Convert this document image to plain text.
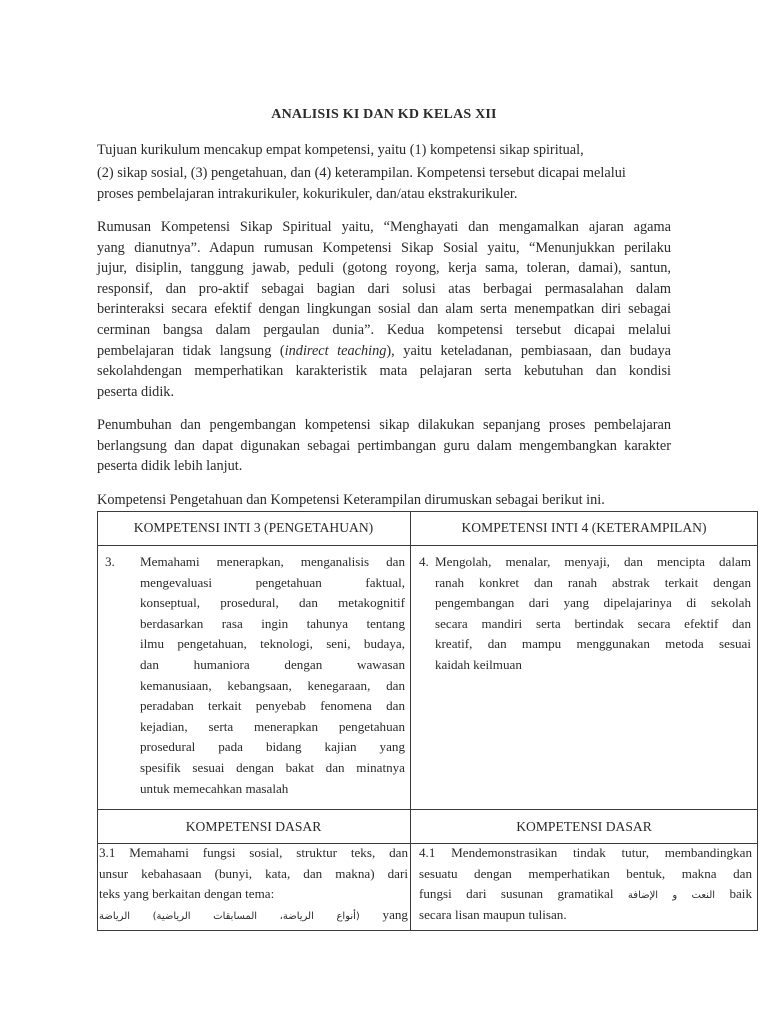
ANALISIS KI DAN KD KELAS XII
Tujuan kurikulum mencakup empat kompetensi, yaitu (1) kompetensi sikap spiritual,
(2) sikap sosial, (3) pengetahuan, dan (4) keterampilan. Kompetensi tersebut dicapai melalui
proses pembelajaran intrakurikuler, kokurikuler, dan/atau ekstrakurikuler.
Rumusan Kompetensi Sikap Spiritual yaitu, “Menghayati dan mengamalkan ajaran agama
yang dianutnya”. Adapun rumusan Kompetensi Sikap Sosial yaitu, “Menunjukkan perilaku
jujur, disiplin, tanggung jawab, peduli (gotong royong, kerja sama, toleran, damai), santun,
responsif, dan pro-aktif sebagai bagian dari solusi atas berbagai permasalahan dalam
berinteraksi secara efektif dengan lingkungan sosial dan alam serta menempatkan diri sebagai
cerminan bangsa dalam pergaulan dunia”. Kedua kompetensi tersebut dicapai melalui
pembelajaran tidak langsung (indirect teaching), yaitu keteladanan, pembiasaan, dan budaya
sekolahdengan memperhatikan karakteristik mata pelajaran serta kebutuhan dan kondisi
peserta didik.
Penumbuhan dan pengembangan kompetensi sikap dilakukan sepanjang proses pembelajaran
berlangsung dan dapat digunakan sebagai pertimbangan guru dalam mengembangkan karakter
peserta didik lebih lanjut.
Kompetensi Pengetahuan dan Kompetensi Keterampilan dirumuskan sebagai berikut ini.
KOMPETENSI INTI 3 (PENGETAHUAN)	KOMPETENSI INTI 4 (KETERAMPILAN)
3. Memahami menerapkan, menganalisis dan
mengevaluasi pengetahuan faktual,
konseptual, prosedural, dan metakognitif
berdasarkan rasa ingin tahunya tentang
ilmu pengetahuan, teknologi, seni, budaya,
dan humaniora dengan wawasan
kemanusiaan, kebangsaan, kenegaraan, dan
peradaban terkait penyebab fenomena dan
kejadian, serta menerapkan pengetahuan
prosedural pada bidang kajian yang
spesifik sesuai dengan bakat dan minatnya
untuk memecahkan masalah
4. Mengolah, menalar, menyaji, dan mencipta dalam
ranah konkret dan ranah abstrak terkait dengan
pengembangan dari yang dipelajarinya di sekolah
secara mandiri serta bertindak secara efektif dan
kreatif, dan mampu menggunakan metoda sesuai
kaidah keilmuan
KOMPETENSI DASAR	KOMPETENSI DASAR
3.1 Memahami fungsi sosial, struktur teks, dan
unsur kebahasaan (bunyi, kata, dan makna) dari
teks yang berkaitan dengan tema:
(أنواع الرياضة، المسابقات الرياضية) الرياضة yang
4.1 Mendemonstrasikan tindak tutur, membandingkan
sesuatu dengan memperhatikan bentuk, makna dan
fungsi dari susunan gramatikal النعت و الإضافة baik
secara lisan maupun tulisan.
